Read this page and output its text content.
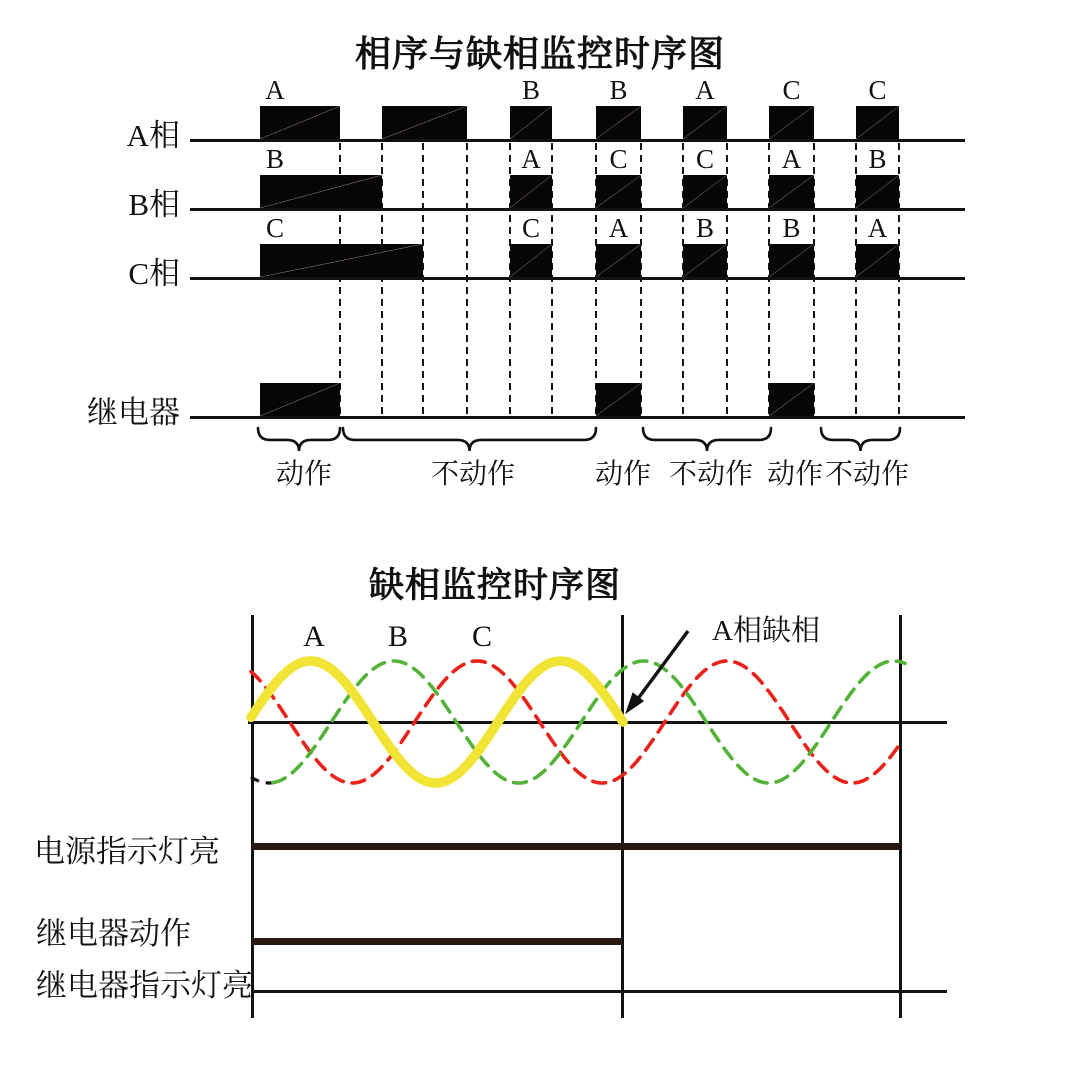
相序与缺相监控时序图
缺相监控时序图
A相
B相
C相
继电器
A	B	B	A	C	C
B	A	C	C	A B
C	C	A	B	B A
动作	不动作	动作 不动作 动作 不动作
电源指示灯亮
继电器动作
继电器指示灯亮
A B C	A相缺相
